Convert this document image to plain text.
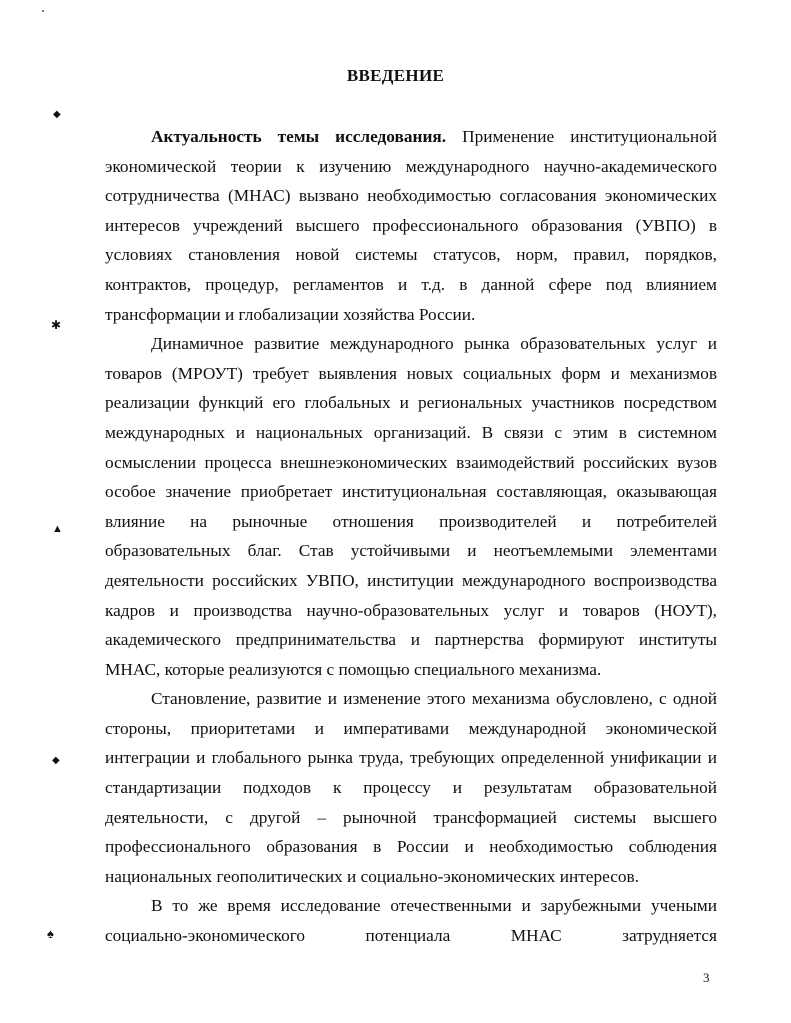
ВВЕДЕНИЕ

Актуальность темы исследования. Применение институциональной экономической теории к изучению международного научно-академического сотрудничества (МНАС) вызвано необходимостью согласования экономических интересов учреждений высшего профессионального образования (УВПО) в условиях становления новой системы статусов, норм, правил, порядков, контрактов, процедур, регламентов и т.д. в данной сфере под влиянием трансформации и глобализации хозяйства России.

Динамичное развитие международного рынка образовательных услуг и товаров (МРОУТ) требует выявления новых социальных форм и механизмов реализации функций его глобальных и региональных участников посредством международных и национальных организаций. В связи с этим в системном осмыслении процесса внешнеэкономических взаимодействий российских вузов особое значение приобретает институциональная составляющая, оказывающая влияние на рыночные отношения производителей и потребителей образовательных благ. Став устойчивыми и неотъемлемыми элементами деятельности российских УВПО, институции международного воспроизводства кадров и производства научно-образовательных услуг и товаров (НОУТ), академического предпринимательства и партнерства формируют институты МНАС, которые реализуются с помощью специального механизма.

Становление, развитие и изменение этого механизма обусловлено, с одной стороны, приоритетами и императивами международной экономической интеграции и глобального рынка труда, требующих определенной унификации и стандартизации подходов к процессу и результатам образовательной деятельности, с другой – рыночной трансформацией системы высшего профессионального образования в России и необходимостью соблюдения национальных геополитических и социально-экономических интересов.

В то же время исследование отечественными и зарубежными учеными социально-экономического потенциала МНАС затрудняется

3
◆
✱
▲
◆
♠
